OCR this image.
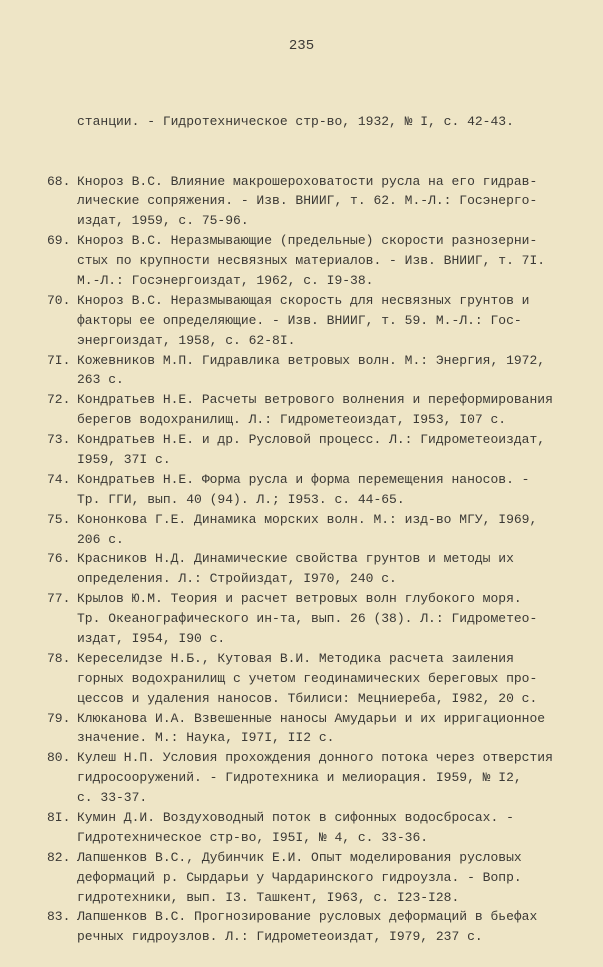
235

станции. - Гидротехническое стр-во, 1932, № I, с. 42-43.

68. Кнороз В.С. Влияние макрошероховатости русла на его гидрав-
лические сопряжения. - Изв. ВНИИГ, т. 62. М.-Л.: Госэнерго-
издат, 1959, с. 75-96.
69. Кнороз В.С. Неразмывающие (предельные) скорости разнозерни-
стых по крупности несвязных материалов. - Изв. ВНИИГ, т. 7I.
М.-Л.: Госэнергоиздат, 1962, с. I9-38.
70. Кнороз В.С. Неразмывающая скорость для несвязных грунтов и
факторы ее определяющие. - Изв. ВНИИГ, т. 59. М.-Л.: Гос-
энергоиздат, 1958, с. 62-8I.
7I. Кожевников М.П. Гидравлика ветровых волн. М.: Энергия, 1972,
263 с.
72. Кондратьев Н.Е. Расчеты ветрового волнения и переформирования
берегов водохранилищ. Л.: Гидрометеоиздат, I953, I07 с.
73. Кондратьев Н.Е. и др. Русловой процесс. Л.: Гидрометеоиздат,
I959, 37I с.
74. Кондратьев Н.Е. Форма русла и форма перемещения наносов. -
Тр. ГГИ, вып. 40 (94). Л.; I953. с. 44-65.
75. Кононкова Г.Е. Динамика морских волн. М.: изд-во МГУ, I969,
206 с.
76. Красников Н.Д. Динамические свойства грунтов и методы их
определения. Л.: Стройиздат, I970, 240 с.
77. Крылов Ю.М. Теория и расчет ветровых волн глубокого моря.
Тр. Океанографического ин-та, вып. 26 (38). Л.: Гидрометео-
издат, I954, I90 с.
78. Кереселидзе Н.Б., Кутовая В.И. Методика расчета заиления
горных водохранилищ с учетом геодинамических береговых про-
цессов и удаления наносов. Тбилиси: Мецниереба, I982, 20 с.
79. Клюканова И.А. Взвешенные наносы Амударьи и их ирригационное
значение. М.: Наука, I97I, II2 с.
80. Кулеш Н.П. Условия прохождения донного потока через отверстия
гидросооружений. - Гидротехника и мелиорация. I959, № I2,
с. 33-37.
8I. Кумин Д.И. Воздуховодный поток в сифонных водосбросах. -
Гидротехническое стр-во, I95I, № 4, с. 33-36.
82. Лапшенков В.С., Дубинчик Е.И. Опыт моделирования русловых
деформаций р. Сырдарьи у Чардаринского гидроузла. - Вопр.
гидротехники, вып. I3. Ташкент, I963, с. I23-I28.
83. Лапшенков В.С. Прогнозирование русловых деформаций в бьефах
речных гидроузлов. Л.: Гидрометеоиздат, I979, 237 с.
